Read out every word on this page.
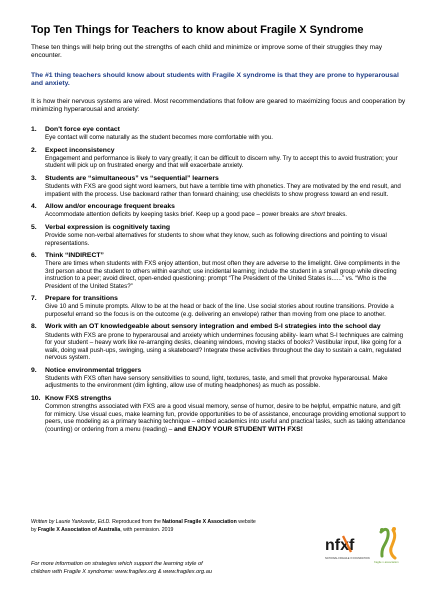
Top Ten Things for Teachers to know about Fragile X Syndrome
These ten things will help bring out the strengths of each child and minimize or improve some of their struggles they may encounter.
The #1 thing teachers should know about students with Fragile X syndrome is that they are prone to hyperarousal and anxiety.
It is how their nervous systems are wired. Most recommendations that follow are geared to maximizing focus and cooperation by minimizing hyperarousal and anxiety:
1.	Don't force eye contact
Eye contact will come naturally as the student becomes more comfortable with you.
2.	Expect inconsistency
Engagement and performance is likely to vary greatly; it can be difficult to discern why. Try to accept this to avoid frustration; your student will pick up on frustrated energy and that will exacerbate anxiety.
3.	Students are “simultaneous” vs “sequential” learners
Students with FXS are good sight word learners, but have a terrible time with phonetics. They are motivated by the end result, and impatient with the process. Use backward rather than forward chaining; use checklists to show progress toward an end result.
4.	Allow and/or encourage frequent breaks
Accommodate attention deficits by keeping tasks brief. Keep up a good pace – power breaks are short breaks.
5.	Verbal expression is cognitively taxing
Provide some non-verbal alternatives for students to show what they know, such as following directions and pointing to visual representations.
6.	Think “INDIRECT”
There are times when students with FXS enjoy attention, but most often they are adverse to the limelight. Give compliments in the 3rd person about the student to others within earshot; use incidental learning; include the student in a small group while directing instruction to a peer; avoid direct, open-ended questioning: prompt “The President of the United States is......” vs. “Who is the President of the United States?”
7.	Prepare for transitions
Give 10 and 5 minute prompts. Allow to be at the head or back of the line. Use social stories about routine transitions. Provide a purposeful errand so the focus is on the outcome (e.g. delivering an envelope) rather than moving from one place to another.
8.	Work with an OT knowledgeable about sensory integration and embed S-I strategies into the school day
Students with FXS are prone to hyperarousal and anxiety which undermines focusing ability- learn what S-I techniques are calming for your student – heavy work like re-arranging desks, cleaning windows, moving stacks of books? Vestibular input, like going for a walk, doing wall push-ups, swinging, using a skateboard? Integrate these activities throughout the day to sustain a calm, regulated nervous system.
9.	Notice environmental triggers
Students with FXS often have sensory sensitivities to sound, light, textures, taste, and smell that provoke hyperarousal. Make adjustments to the environment (dim lighting, allow use of muting headphones) as much as possible.
10. Know FXS strengths
Common strengths associated with FXS are a good visual memory, sense of humor, desire to be helpful, empathic nature, and gift for mimicry. Use visual cues, make learning fun, provide opportunities to be of assistance, encourage providing emotional support to peers, use modeling as a primary teaching technique – embed academics into useful and practical tasks, such as taking attendance (counting) or ordering from a menu (reading) – and ENJOY YOUR STUDENT WITH FXS!
Written by Laurie Yankowitz, Ed.D. Reproduced from the National Fragile X Association website
by Fragile X Association of Australia, with permission. 2019
For more information on strategies which support the learning style of
children with Fragile X syndrome: www.fragilex.org & www.fragilex.org.au
nfxf
NATIONAL FRAGILE X FOUNDATION
fragile x association
